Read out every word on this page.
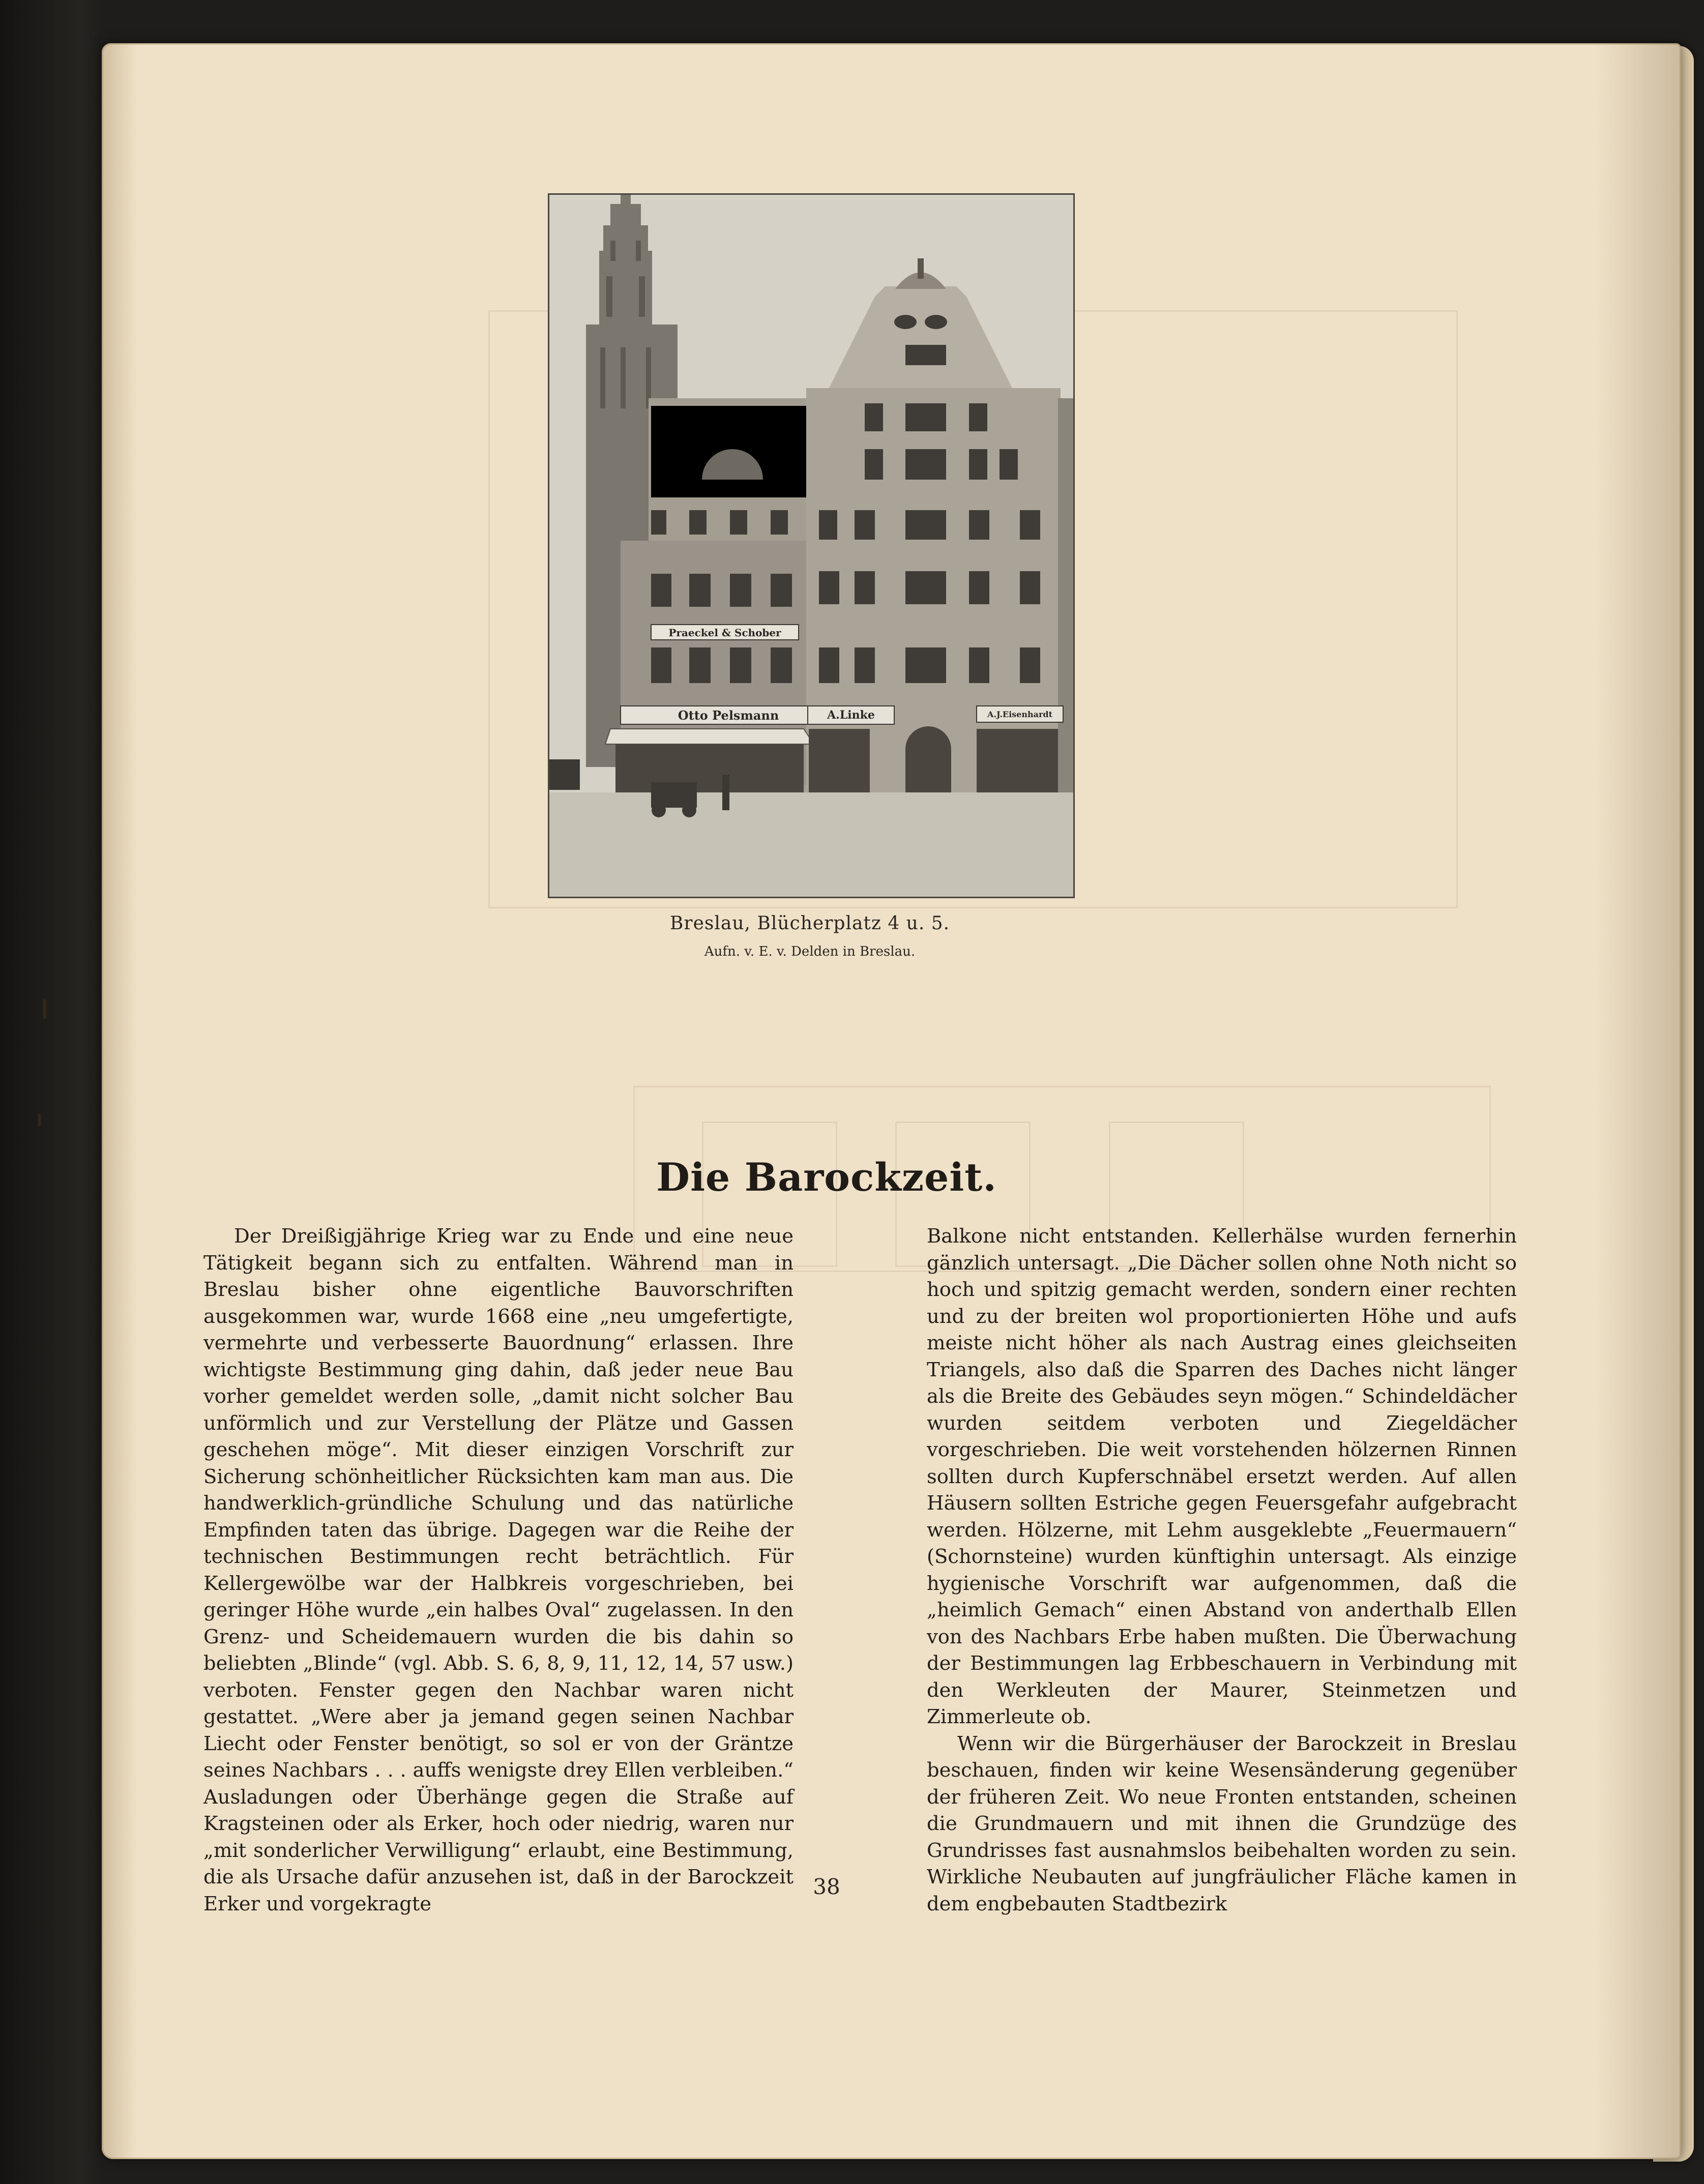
Praeckel & Schober
Otto Pelsmann	A.Linke	A.J.Eisenhardt
Breslau, Blücherplatz 4 u. 5.
Aufn. v. E. v. Delden in Breslau.
Die Barockzeit.

Der Dreißigjährige Krieg war zu Ende und eine neue Tätigkeit begann sich zu entfalten. Während man in Breslau bisher ohne eigentliche Bauvorschriften ausgekommen war, wurde 1668 eine „neu umgefertigte, vermehrte und verbesserte Bauordnung“ erlassen. Ihre wichtigste Bestimmung ging dahin, daß jeder neue Bau vorher gemeldet werden solle, „damit nicht solcher Bau unförmlich und zur Verstellung der Plätze und Gassen geschehen möge“. Mit dieser einzigen Vorschrift zur Sicherung schönheitlicher Rücksichten kam man aus. Die handwerklich-gründliche Schulung und das natürliche Empfinden taten das übrige. Dagegen war die Reihe der technischen Bestimmungen recht beträchtlich. Für Kellergewölbe war der Halbkreis vorgeschrieben, bei geringer Höhe wurde „ein halbes Oval“ zugelassen. In den Grenz- und Scheidemauern wurden die bis dahin so beliebten „Blinde“ (vgl. Abb. S. 6, 8, 9, 11, 12, 14, 57 usw.) verboten. Fenster gegen den Nachbar waren nicht gestattet. „Were aber ja jemand gegen seinen Nachbar Liecht oder Fenster benötigt, so sol er von der Gräntze seines Nachbars . . . auffs wenigste drey Ellen verbleiben.“ Ausladungen oder Überhänge gegen die Straße auf Kragsteinen oder als Erker, hoch oder niedrig, waren nur „mit sonderlicher Verwilligung“ erlaubt, eine Bestimmung, die als Ursache dafür anzusehen ist, daß in der Barockzeit Erker und vorgekragte

Balkone nicht entstanden. Kellerhälse wurden fernerhin gänzlich untersagt. „Die Dächer sollen ohne Noth nicht so hoch und spitzig gemacht werden, sondern einer rechten und zu der breiten wol proportionierten Höhe und aufs meiste nicht höher als nach Austrag eines gleichseiten Triangels, also daß die Sparren des Daches nicht länger als die Breite des Gebäudes seyn mögen.“ Schindeldächer wurden seitdem verboten und Ziegeldächer vorgeschrieben. Die weit vorstehenden hölzernen Rinnen sollten durch Kupferschnäbel ersetzt werden. Auf allen Häusern sollten Estriche gegen Feuersgefahr aufgebracht werden. Hölzerne, mit Lehm ausgeklebte „Feuermauern“ (Schornsteine) wurden künftighin untersagt. Als einzige hygienische Vorschrift war aufgenommen, daß die „heimlich Gemach“ einen Abstand von anderthalb Ellen von des Nachbars Erbe haben mußten. Die Überwachung der Bestimmungen lag Erbbeschauern in Verbindung mit den Werkleuten der Maurer, Steinmetzen und Zimmerleute ob.

Wenn wir die Bürgerhäuser der Barockzeit in Breslau beschauen, finden wir keine Wesensänderung gegenüber der früheren Zeit. Wo neue Fronten entstanden, scheinen die Grundmauern und mit ihnen die Grundzüge des Grundrisses fast ausnahmslos beibehalten worden zu sein. Wirkliche Neubauten auf jungfräulicher Fläche kamen in dem engbebauten Stadtbezirk

38
